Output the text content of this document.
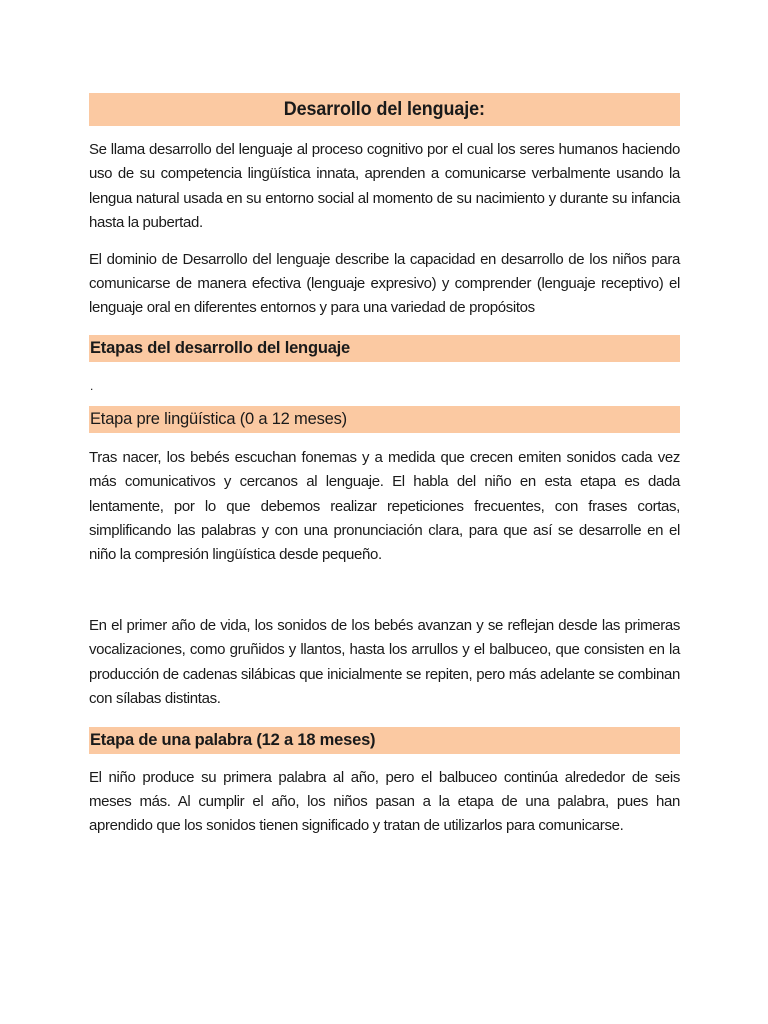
Desarrollo del lenguaje:

Se llama desarrollo del lenguaje al proceso cognitivo por el cual los seres humanos haciendo uso de su competencia lingüística innata, aprenden a comunicarse verbalmente usando la lengua natural usada en su entorno social al momento de su nacimiento y durante su infancia hasta la pubertad.

El dominio de Desarrollo del lenguaje describe la capacidad en desarrollo de los niños para comunicarse de manera efectiva (lenguaje expresivo) y comprender (lenguaje receptivo) el lenguaje oral en diferentes entornos y para una variedad de propósitos

Etapas del desarrollo del lenguaje
.
Etapa pre lingüística (0 a 12 meses)

Tras nacer, los bebés escuchan fonemas y a medida que crecen emiten sonidos cada vez más comunicativos y cercanos al lenguaje. El habla del niño en esta etapa es dada lentamente, por lo que debemos realizar repeticiones frecuentes, con frases cortas, simplificando las palabras y con una pronunciación clara, para que así se desarrolle en el niño la compresión lingüística desde pequeño.

En el primer año de vida, los sonidos de los bebés avanzan y se reflejan desde las primeras vocalizaciones, como gruñidos y llantos, hasta los arrullos y el balbuceo, que consisten en la producción de cadenas silábicas que inicialmente se repiten, pero más adelante se combinan con sílabas distintas.

Etapa de una palabra (12 a 18 meses)

El niño produce su primera palabra al año, pero el balbuceo continúa alrededor de seis meses más. Al cumplir el año, los niños pasan a la etapa de una palabra, pues han aprendido que los sonidos tienen significado y tratan de utilizarlos para comunicarse.
